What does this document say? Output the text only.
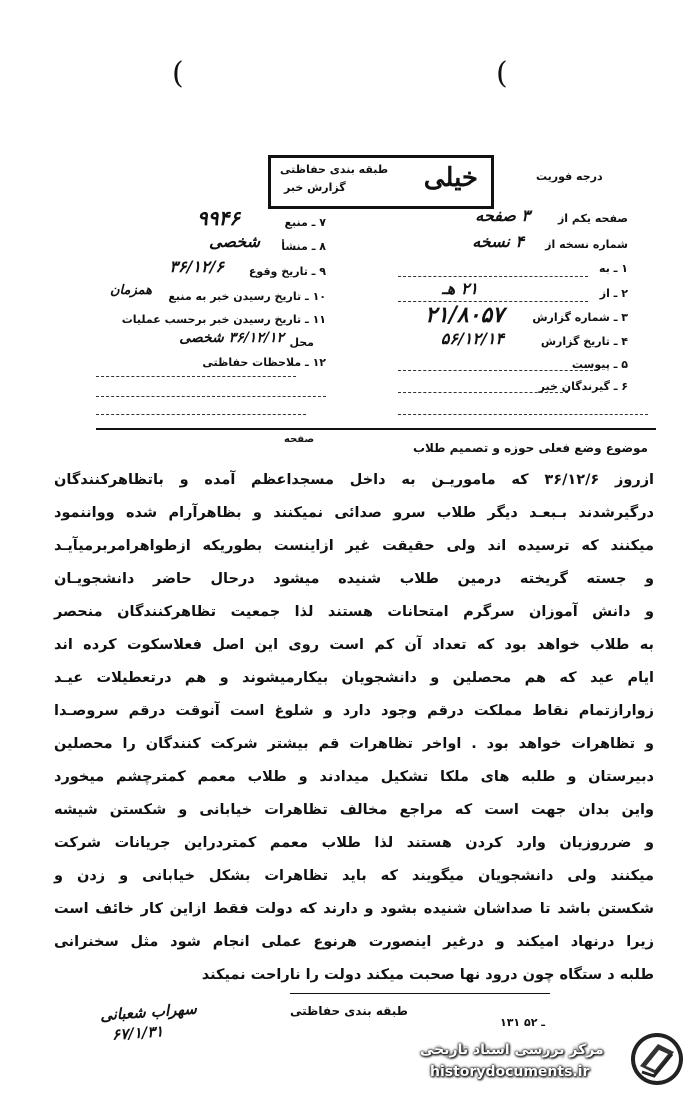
(	(
درجه فوریت
خیلی
طبقه بندی حفاظتی
گزارش خبر
صفحه یکم از
۳ صفحه
شماره نسخه از
۴ نسخه
۱ ـ به
۲ ـ از
۲۱ هـ
۳ ـ شماره گزارش
۲۱/۸۰۵۷
۴ ـ تاریخ گزارش
۵۶/۱۲/۱۴
۵ ـ پیوست
۶ ـ گیرندگان خبر
۷ ـ منبع
۹۹۴۶
۸ ـ منشأ
شخصی
۹ ـ تاریخ وقوع
۳۶/۱۲/۶
۱۰ ـ تاریخ رسیدن خبر به منبع
همزمان
۱۱ ـ تاریخ رسیدن خبر برحسب عملیات
محل
۳۶/۱۲/۱۲ شخصی
۱۲ ـ ملاحظات حفاظتی
صفحه
موضوع وضع فعلی حوزه و تصمیم طلاب
ازروز ۳۶/۱۲/۶ که ماموریـن به داخل مسجداعظم آمده و باتظاهرکنندگان
درگیرشدند بـبعـد دیگر طلاب سرو صدائی نمیکنند و بظاهرآرام شده وواننمود
میکنند که ترسیده اند ولی حقیقت غیر ازاینست بطوریکه ازطواهرامربرمیآیـد
و جسته گریخته درمین طلاب شنیده میشود درحال حاضر دانشجویـان
و دانش آموزان سرگرم امتحانات هستند لذا جمعیت تظاهرکنندگان منحصر
به طلاب خواهد بود که تعداد آن کم است روی این اصل فعلاسکوت کرده اند
ایام عید که هم محصلین و دانشجویان بیکارمیشوند و هم درتعطیلات عیـد
زوارازتمام نقاط مملکت درقم وجود دارد و شلوغ است آنوقت درقم سروصـدا
و تظاهرات خواهد بود . اواخر تظاهرات قم بیشتر شرکت کنندگان را محصلین
دبیرستان و طلبه های ملکا تشکیل میدادند و طلاب معمم کمترچشم میخورد
واین بدان جهت است که مراجع مخالف تظاهرات خیابانی و شکستن شیشه
و ضرروزیان وارد کردن هستند لذا طلاب معمم کمتردراین جریانات شرکت
میکنند ولی دانشجویان میگویند که باید تظاهرات بشکل خیابانی و زدن و
شکستن باشد تا صداشان شنیده بشود و دارند که دولت فقط ازاین کار خائف است
زیرا درنهاد امیکند و درغیر اینصورت هرنوع عملی انجام شود مثل سخنرانی
طلبه د ستگاه چون درود نها صحبت میکند دولت را ناراحت نمیکند
سهراب شعبانی
۶۷/۱/۳۱
طبقه بندی حفاظتی
۱۳۱ ـ ۵۲
مرکز بررسی اسناد تاریخی
historydocuments.ir
